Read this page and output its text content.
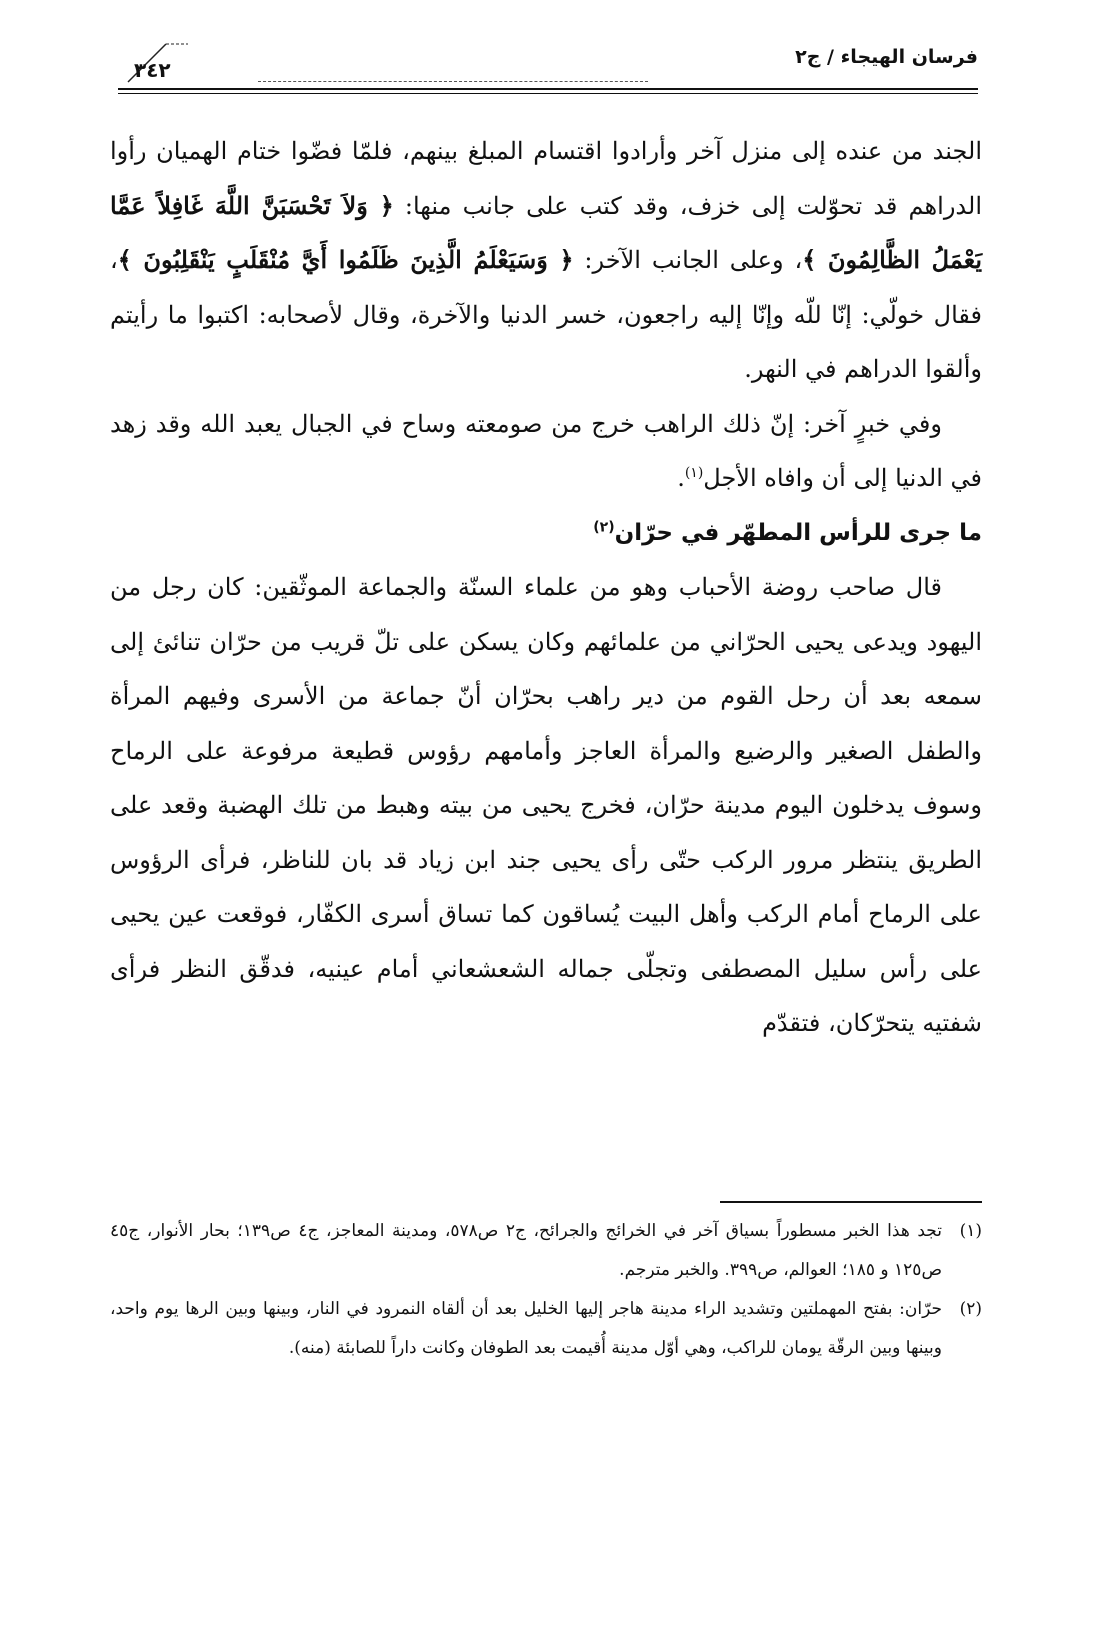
فرسان الهيجاء / ج٢
٣٤٢

الجند من عنده إلى منزل آخر وأرادوا اقتسام المبلغ بينهم، فلمّا فضّوا ختام الهميان رأوا الدراهم قد تحوّلت إلى خزف، وقد كتب على جانب منها: ﴿ وَلاَ تَحْسَبَنَّ اللَّهَ غَافِلاً عَمَّا يَعْمَلُ الظَّالِمُونَ ﴾، وعلى الجانب الآخر: ﴿ وَسَيَعْلَمُ الَّذِينَ ظَلَمُوا أَيَّ مُنْقَلَبٍ يَنْقَلِبُونَ ﴾، فقال خولّي: إنّا للّه وإنّا إليه راجعون، خسر الدنيا والآخرة، وقال لأصحابه: اكتبوا ما رأيتم وألقوا الدراهم في النهر.

وفي خبرٍ آخر: إنّ ذلك الراهب خرج من صومعته وساح في الجبال يعبد الله وقد زهد في الدنيا إلى أن وافاه الأجل$^{(١)}$.

ما جرى للرأس المطهّر في حرّان$^{(٢)}$

قال صاحب روضة الأحباب وهو من علماء السنّة والجماعة الموثّقين: كان رجل من اليهود ويدعى يحيى الحرّاني من علمائهم وكان يسكن على تلّ قريب من حرّان تنائئ إلى سمعه بعد أن رحل القوم من دير راهب بحرّان أنّ جماعة من الأسرى وفيهم المرأة والطفل الصغير والرضيع والمرأة العاجز وأمامهم رؤوس قطيعة مرفوعة على الرماح وسوف يدخلون اليوم مدينة حرّان، فخرج يحيى من بيته وهبط من تلك الهضبة وقعد على الطريق ينتظر مرور الركب حتّى رأى يحيى جند ابن زياد قد بان للناظر، فرأى الرؤوس على الرماح أمام الركب وأهل البيت يُساقون كما تساق أسرى الكفّار، فوقعت عين يحيى على رأس سليل المصطفى وتجلّى جماله الشعشعاني أمام عينيه، فدقّق النظر فرأى شفتيه يتحرّكان، فتقدّم

(١)
تجد هذا الخبر مسطوراً بسياق آخر في الخرائج والجرائح، ج٢ ص٥٧٨، ومدينة المعاجز، ج٤ ص١٣٩؛ بحار الأنوار، ج٤٥ ص١٢٥ و ١٨٥؛ العوالم، ص٣٩٩. والخبر مترجم.
(٢)
حرّان: بفتح المهملتين وتشديد الراء مدينة هاجر إليها الخليل بعد أن ألقاه النمرود في النار، وبينها وبين الرها يوم واحد، وبينها وبين الرقّة يومان للراكب، وهي أوّل مدينة أُقيمت بعد الطوفان وكانت داراً للصابئة (منه).
